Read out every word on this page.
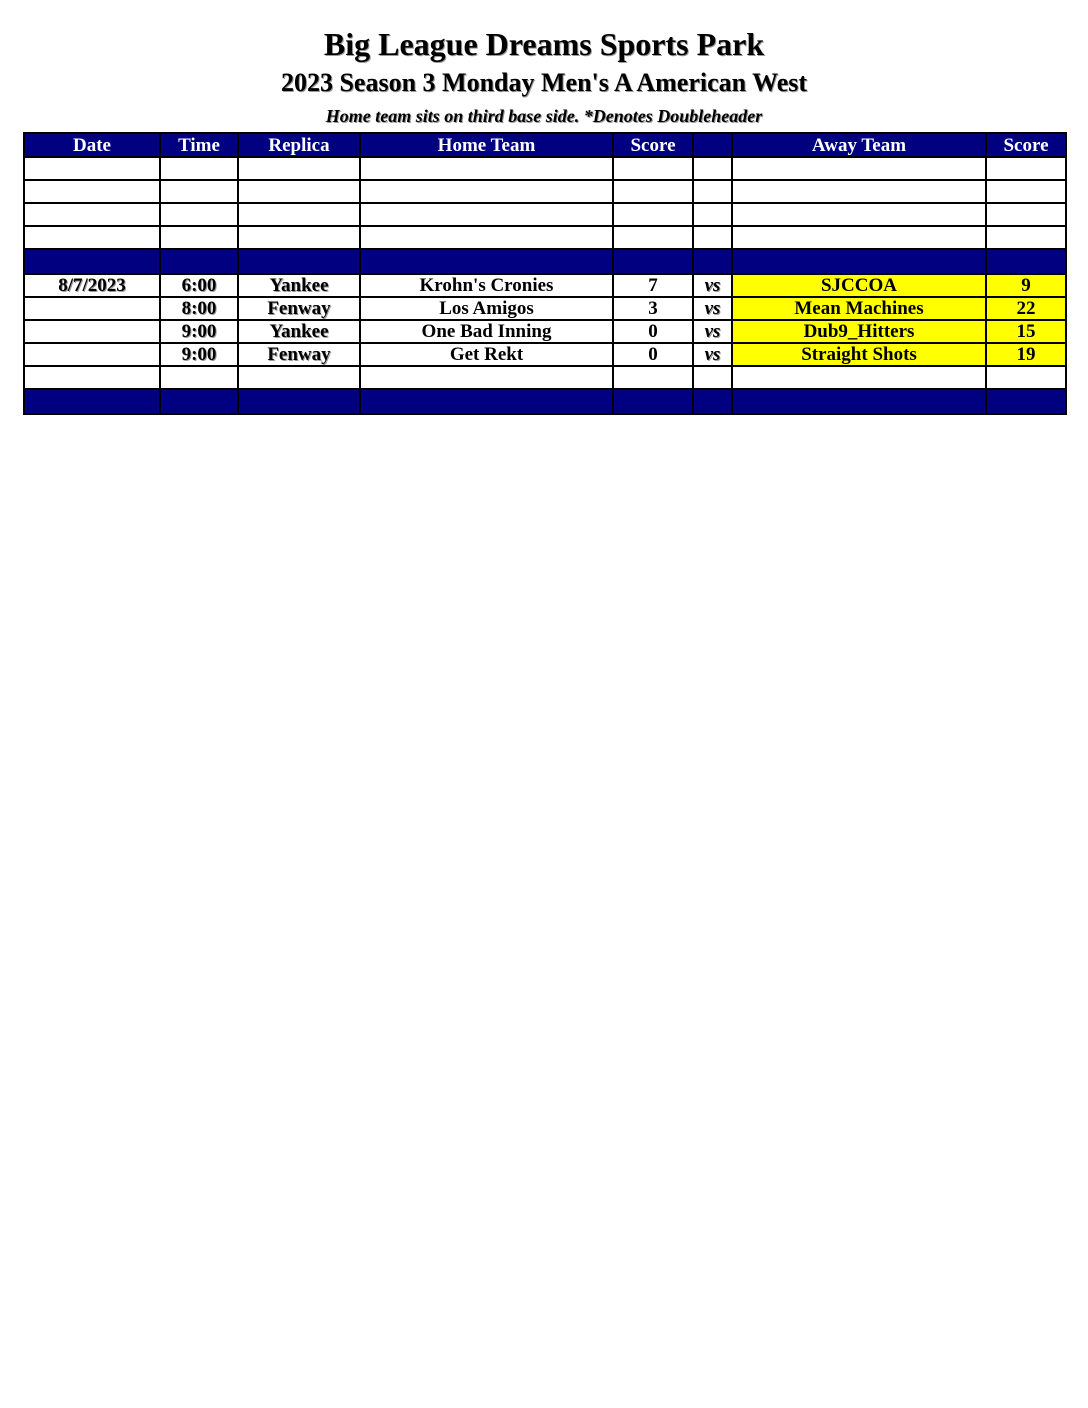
Big League Dreams Sports Park
2023 Season 3 Monday Men's A American West
Home team sits on third base side. *Denotes Doubleheader
Date	Time	Replica	Home Team	Score		Away Team	Score

8/7/2023	6:00	Yankee	Krohn's Cronies	7	vs	SJCCOA	9
	8:00	Fenway	Los Amigos	3	vs	Mean Machines	22
	9:00	Yankee	One Bad Inning	0	vs	Dub9_Hitters	15
	9:00	Fenway	Get Rekt	0	vs	Straight Shots	19
